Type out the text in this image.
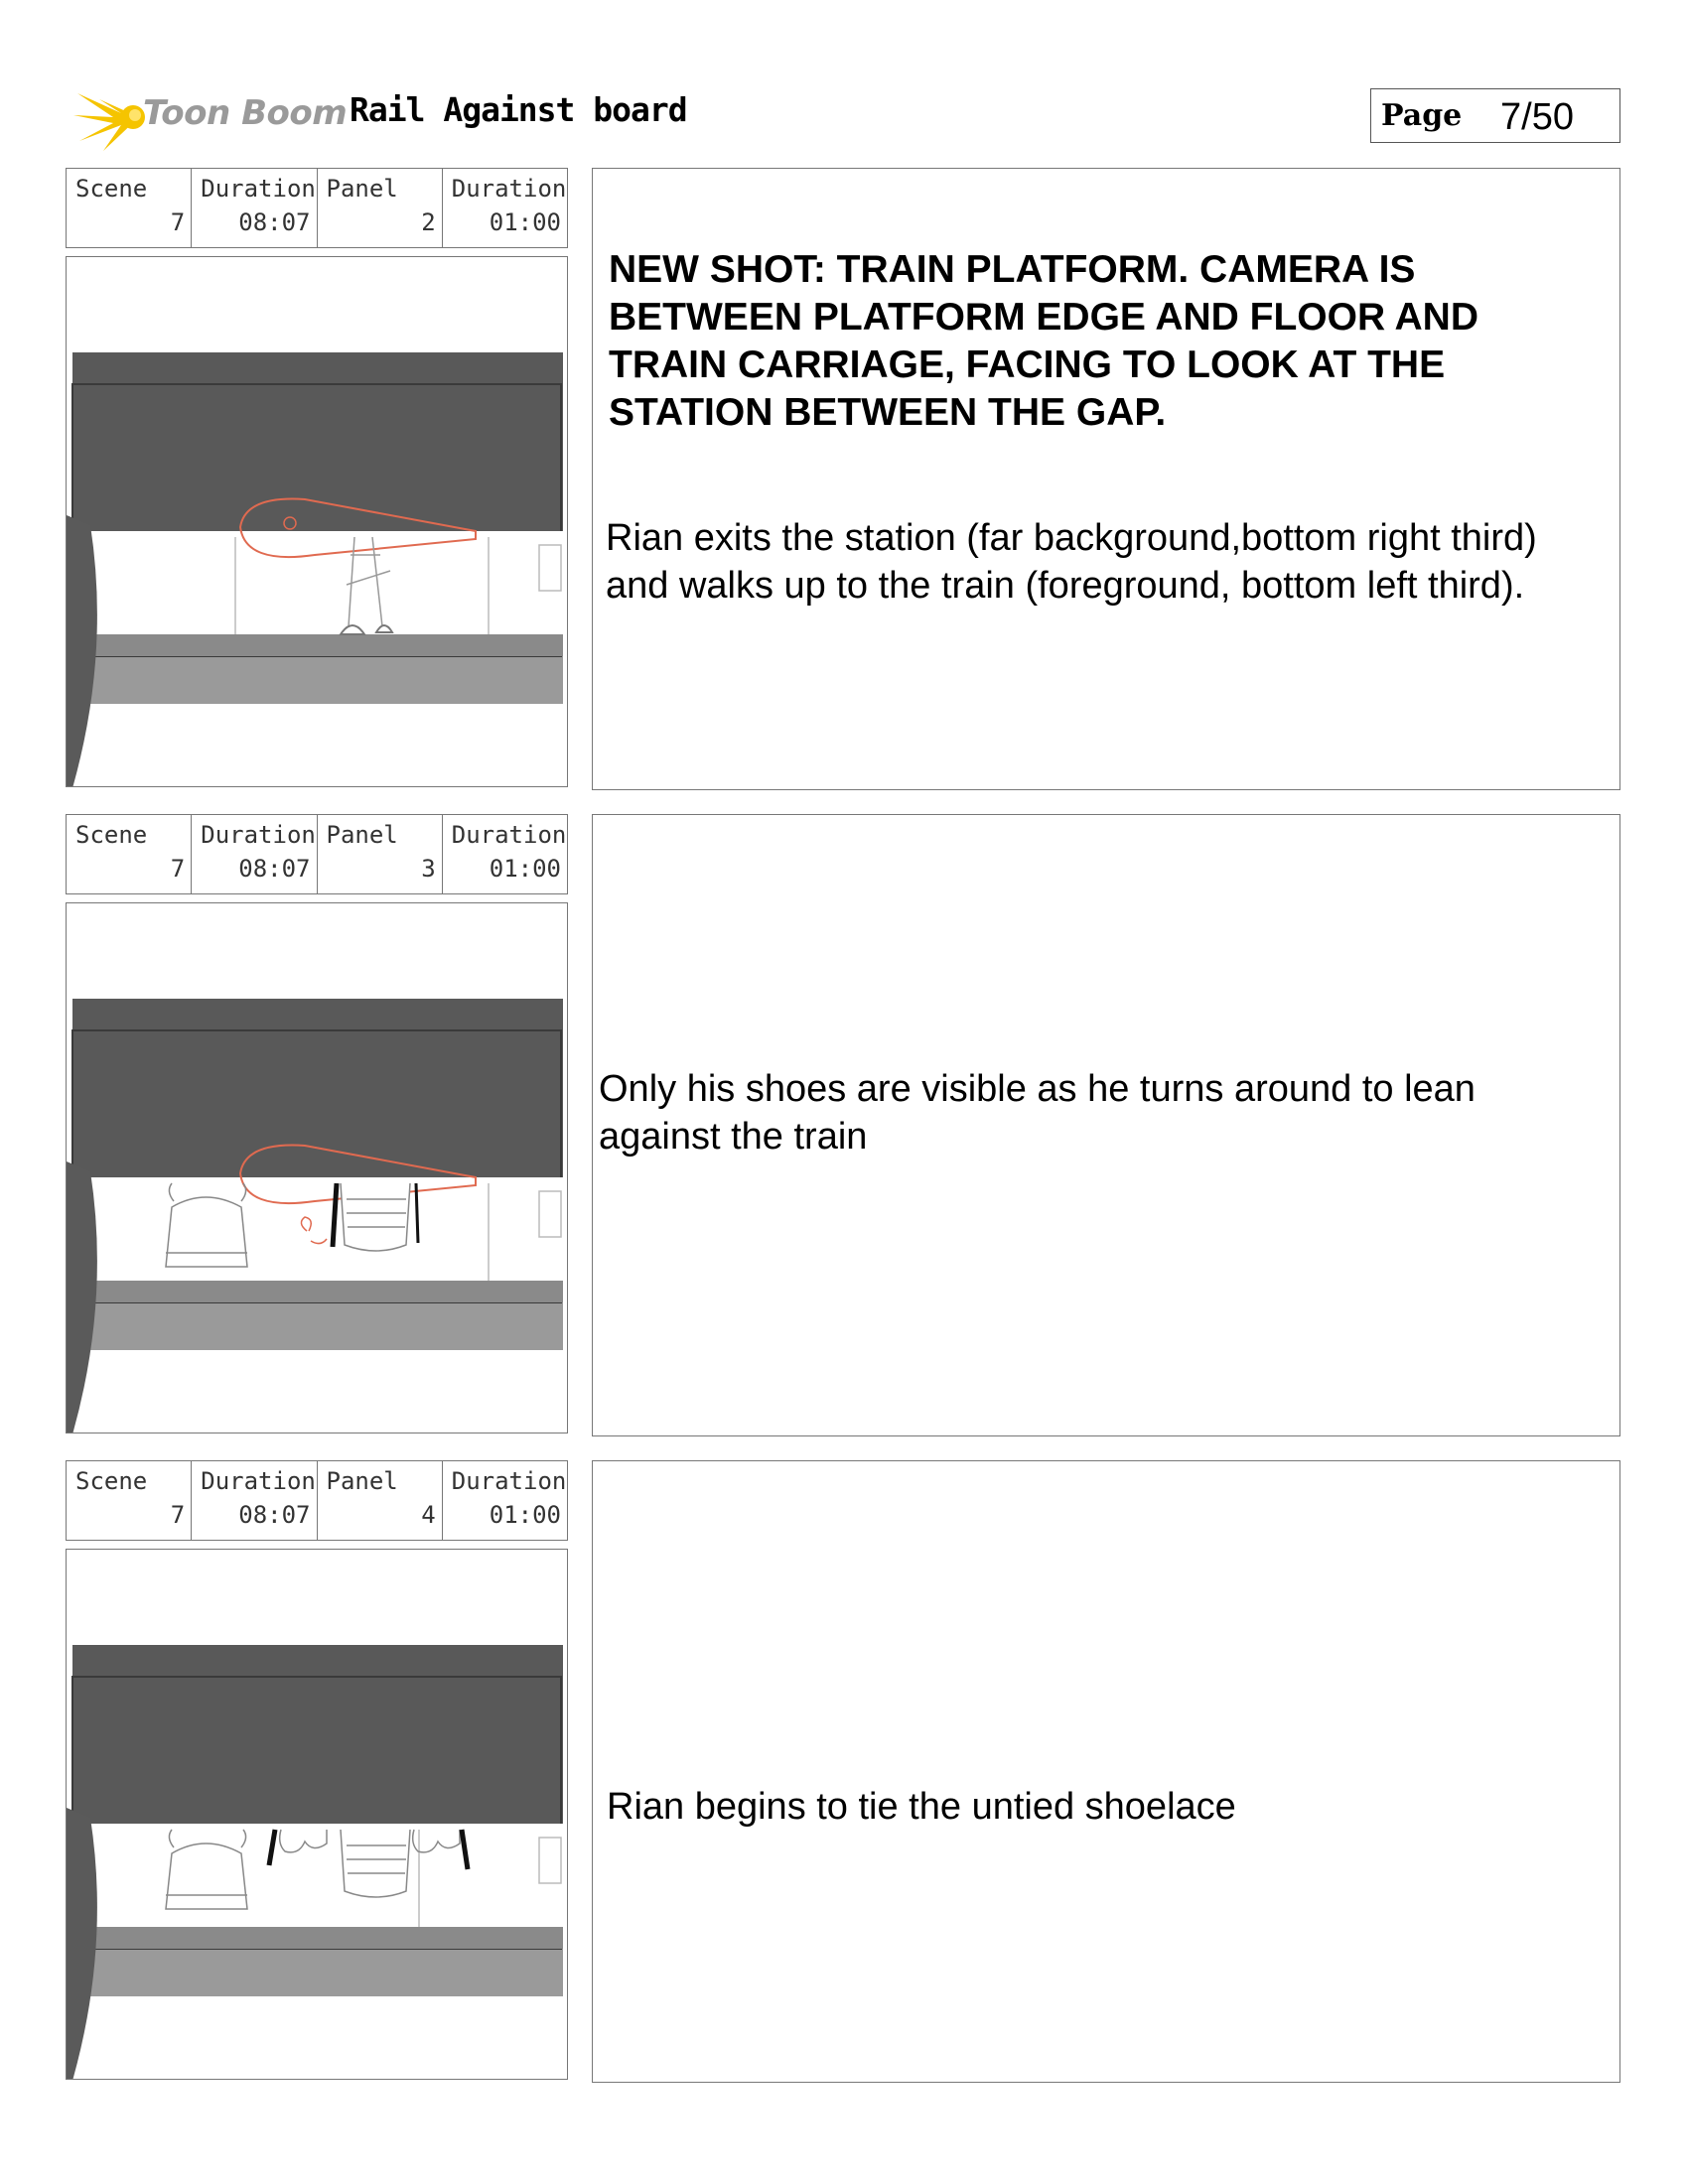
Toon Boom Rail Against board	Page 7/50
Scene
7
Duration
08:07
Panel
2
Duration
01:00
NEW SHOT: TRAIN PLATFORM. CAMERA IS BETWEEN PLATFORM EDGE AND FLOOR AND TRAIN CARRIAGE, FACING TO LOOK AT THE STATION BETWEEN THE GAP.
Rian exits the station (far background,bottom right third) and walks up to the train (foreground, bottom left third).
Scene
7
Duration
08:07
Panel
3
Duration
01:00
Only his shoes are visible as he turns around to lean against the train
Scene
7
Duration
08:07
Panel
4
Duration
01:00
Rian begins to tie the untied shoelace
